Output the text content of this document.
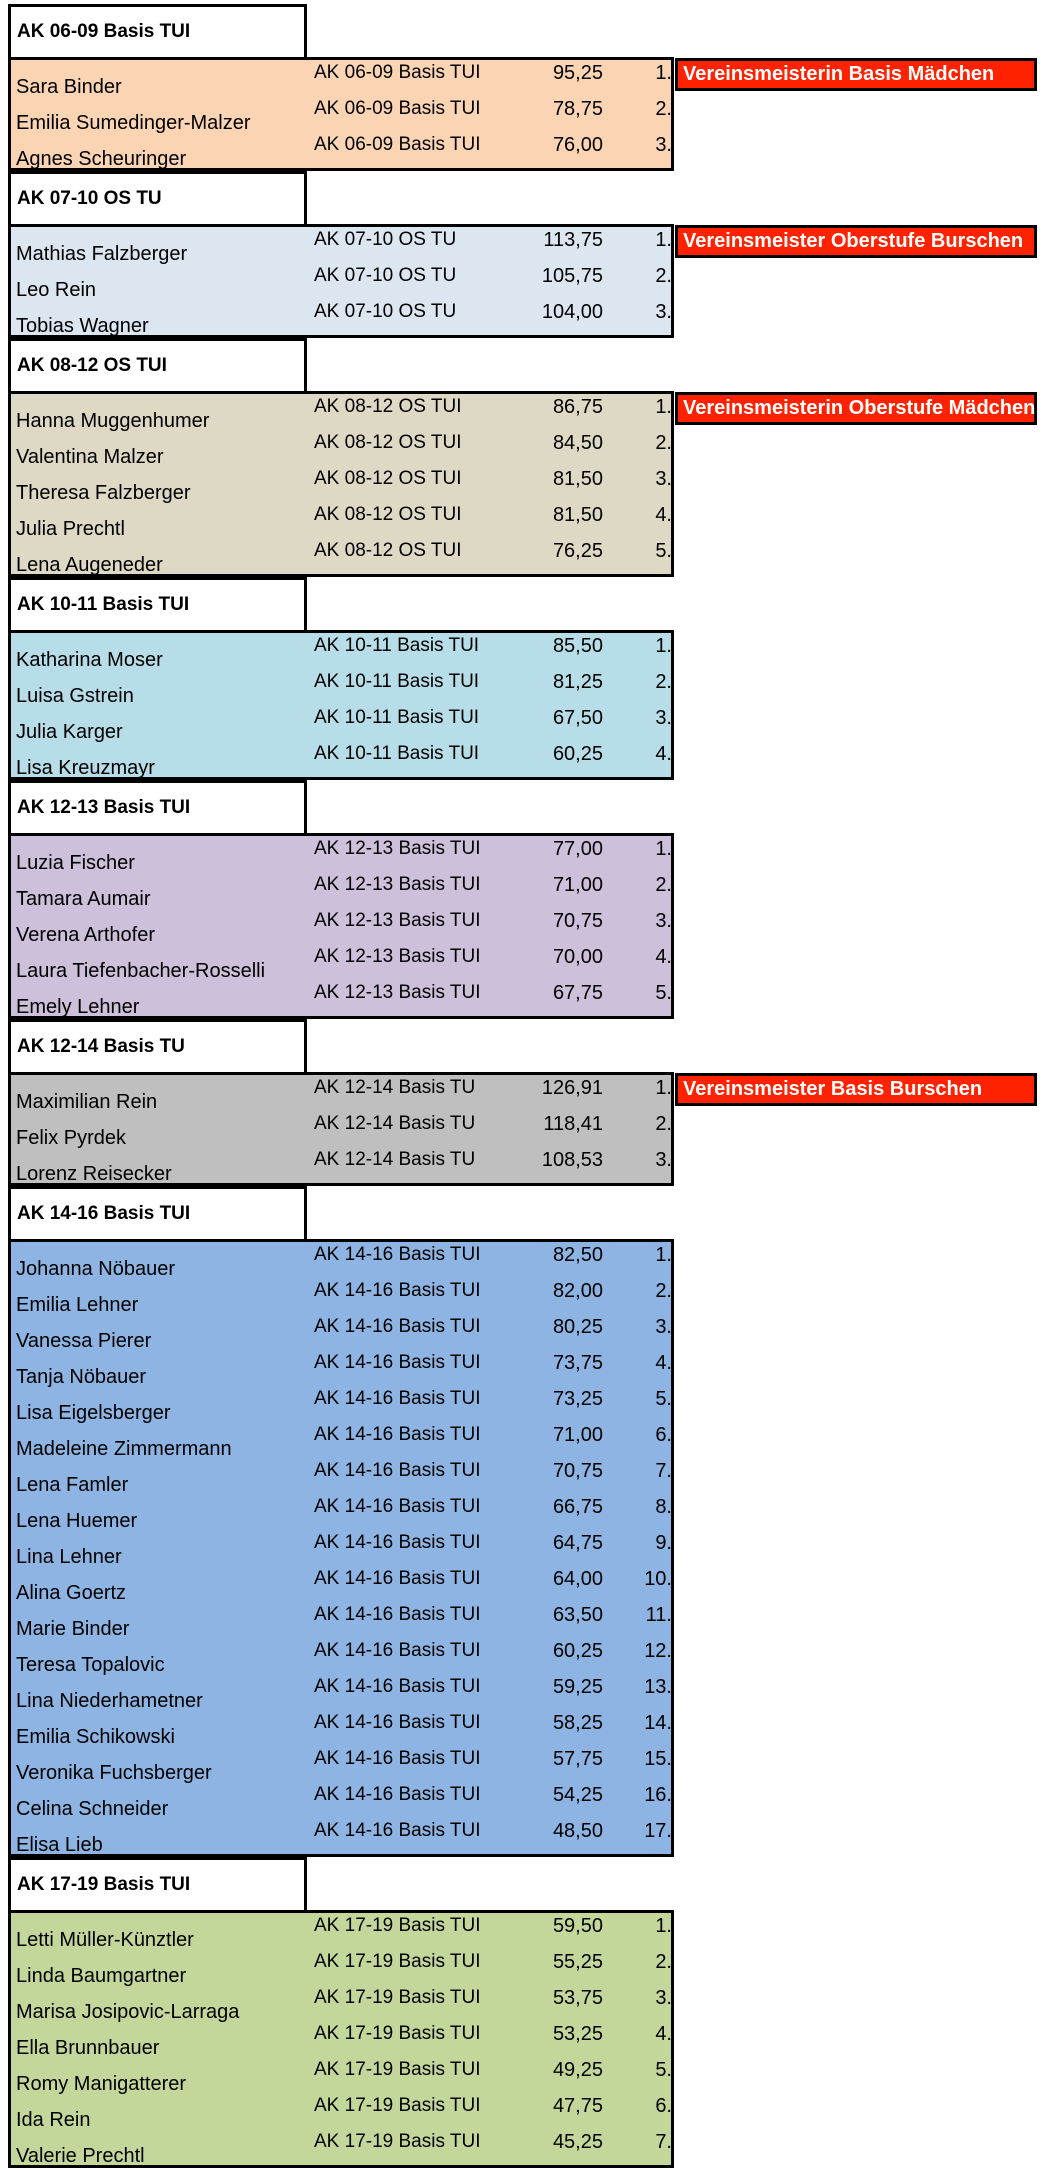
AK 06-09 Basis TUI
Sara Binder
AK 06-09 Basis TUI	95,25	1.
Emilia Sumedinger-Malzer
AK 06-09 Basis TUI	78,75	2.
Agnes Scheuringer
AK 06-09 Basis TUI	76,00	3.
Vereinsmeisterin Basis Mädchen
AK 07-10 OS TU
Mathias Falzberger
AK 07-10 OS TU	113,75	1.
Leo Rein
AK 07-10 OS TU	105,75	2.
Tobias Wagner
AK 07-10 OS TU	104,00	3.
Vereinsmeister Oberstufe Burschen
AK 08-12 OS TUI
Hanna Muggenhumer
AK 08-12 OS TUI	86,75	1.
Valentina Malzer
AK 08-12 OS TUI	84,50	2.
Theresa Falzberger
AK 08-12 OS TUI	81,50	3.
Julia Prechtl
AK 08-12 OS TUI	81,50	4.
Lena Augeneder
AK 08-12 OS TUI	76,25	5.
Vereinsmeisterin Oberstufe Mädchen
AK 10-11 Basis TUI
Katharina Moser
AK 10-11 Basis TUI	85,50	1.
Luisa Gstrein
AK 10-11 Basis TUI	81,25	2.
Julia Karger
AK 10-11 Basis TUI	67,50	3.
Lisa Kreuzmayr
AK 10-11 Basis TUI	60,25	4.
AK 12-13 Basis TUI
Luzia Fischer
AK 12-13 Basis TUI	77,00	1.
Tamara Aumair
AK 12-13 Basis TUI	71,00	2.
Verena Arthofer
AK 12-13 Basis TUI	70,75	3.
Laura Tiefenbacher-Rosselli
AK 12-13 Basis TUI	70,00	4.
Emely Lehner
AK 12-13 Basis TUI	67,75	5.
AK 12-14 Basis TU
Maximilian Rein
AK 12-14 Basis TU	126,91	1.
Felix Pyrdek
AK 12-14 Basis TU	118,41	2.
Lorenz Reisecker
AK 12-14 Basis TU	108,53	3.
Vereinsmeister Basis Burschen
AK 14-16 Basis TUI
Johanna Nöbauer
AK 14-16 Basis TUI	82,50	1.
Emilia Lehner
AK 14-16 Basis TUI	82,00	2.
Vanessa Pierer
AK 14-16 Basis TUI	80,25	3.
Tanja Nöbauer
AK 14-16 Basis TUI	73,75	4.
Lisa Eigelsberger
AK 14-16 Basis TUI	73,25	5.
Madeleine Zimmermann
AK 14-16 Basis TUI	71,00	6.
Lena Famler
AK 14-16 Basis TUI	70,75	7.
Lena Huemer
AK 14-16 Basis TUI	66,75	8.
Lina Lehner
AK 14-16 Basis TUI	64,75	9.
Alina Goertz
AK 14-16 Basis TUI	64,00	10.
Marie Binder
AK 14-16 Basis TUI	63,50	11.
Teresa Topalovic
AK 14-16 Basis TUI	60,25	12.
Lina Niederhametner
AK 14-16 Basis TUI	59,25	13.
Emilia Schikowski
AK 14-16 Basis TUI	58,25	14.
Veronika Fuchsberger
AK 14-16 Basis TUI	57,75	15.
Celina Schneider
AK 14-16 Basis TUI	54,25	16.
Elisa Lieb
AK 14-16 Basis TUI	48,50	17.
AK 17-19 Basis TUI
Letti Müller-Künztler
AK 17-19 Basis TUI	59,50	1.
Linda Baumgartner
AK 17-19 Basis TUI	55,25	2.
Marisa Josipovic-Larraga
AK 17-19 Basis TUI	53,75	3.
Ella Brunnbauer
AK 17-19 Basis TUI	53,25	4.
Romy Manigatterer
AK 17-19 Basis TUI	49,25	5.
Ida Rein
AK 17-19 Basis TUI	47,75	6.
Valerie Prechtl
AK 17-19 Basis TUI	45,25	7.
